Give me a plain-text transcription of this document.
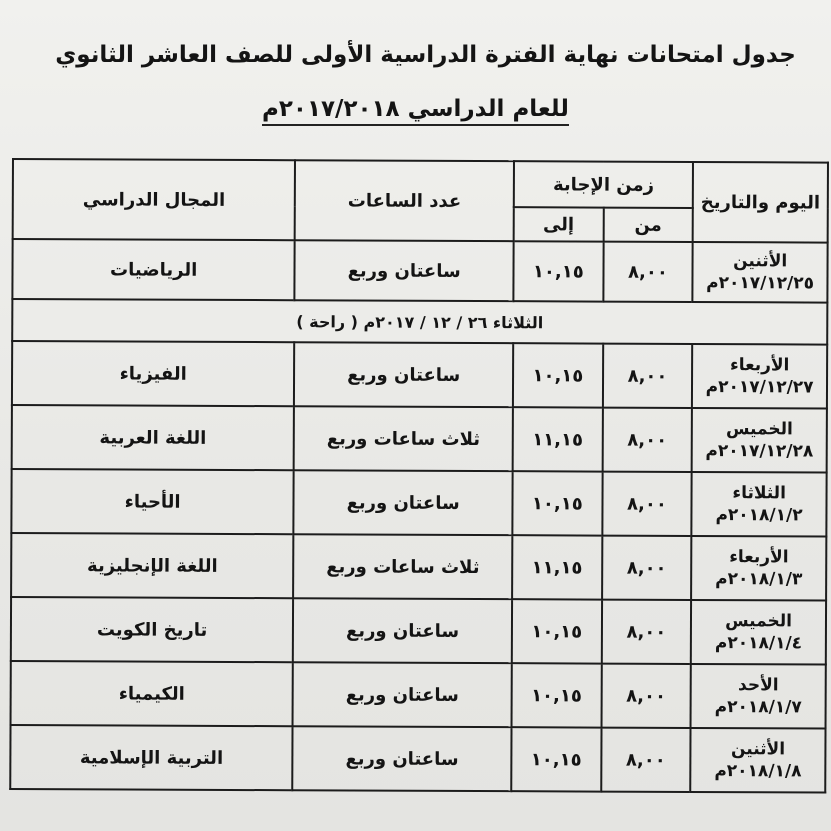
جدول امتحانات نهاية الفترة الدراسية الأولى للصف العاشر الثانوي
للعام الدراسي ٢٠١٧/٢٠١٨م
اليوم والتاريخ	زمن الإجابة		عدد الساعات	المجال الدراسي
	من	إلى		

الأثنين
٢٠١٧/١٢/٢٥م	٨,٠٠	١٠,١٥	ساعتان وربع	الرياضيات
الثلاثاء ٢٦ / ١٢ / ٢٠١٧م ( راحة )				

الأربعاء
٢٠١٧/١٢/٢٧م	٨,٠٠	١٠,١٥	ساعتان وربع	الفيزياء

الخميس
٢٠١٧/١٢/٢٨م	٨,٠٠	١١,١٥	ثلاث ساعات وربع	اللغة العربية

الثلاثاء
٢٠١٨/١/٢م	٨,٠٠	١٠,١٥	ساعتان وربع	الأحياء

الأربعاء
٢٠١٨/١/٣م	٨,٠٠	١١,١٥	ثلاث ساعات وربع	اللغة الإنجليزية

الخميس
٢٠١٨/١/٤م	٨,٠٠	١٠,١٥	ساعتان وربع	تاريخ الكويت

الأحد
٢٠١٨/١/٧م	٨,٠٠	١٠,١٥	ساعتان وربع	الكيمياء

الأثنين
٢٠١٨/١/٨م	٨,٠٠	١٠,١٥	ساعتان وربع	التربية الإسلامية
